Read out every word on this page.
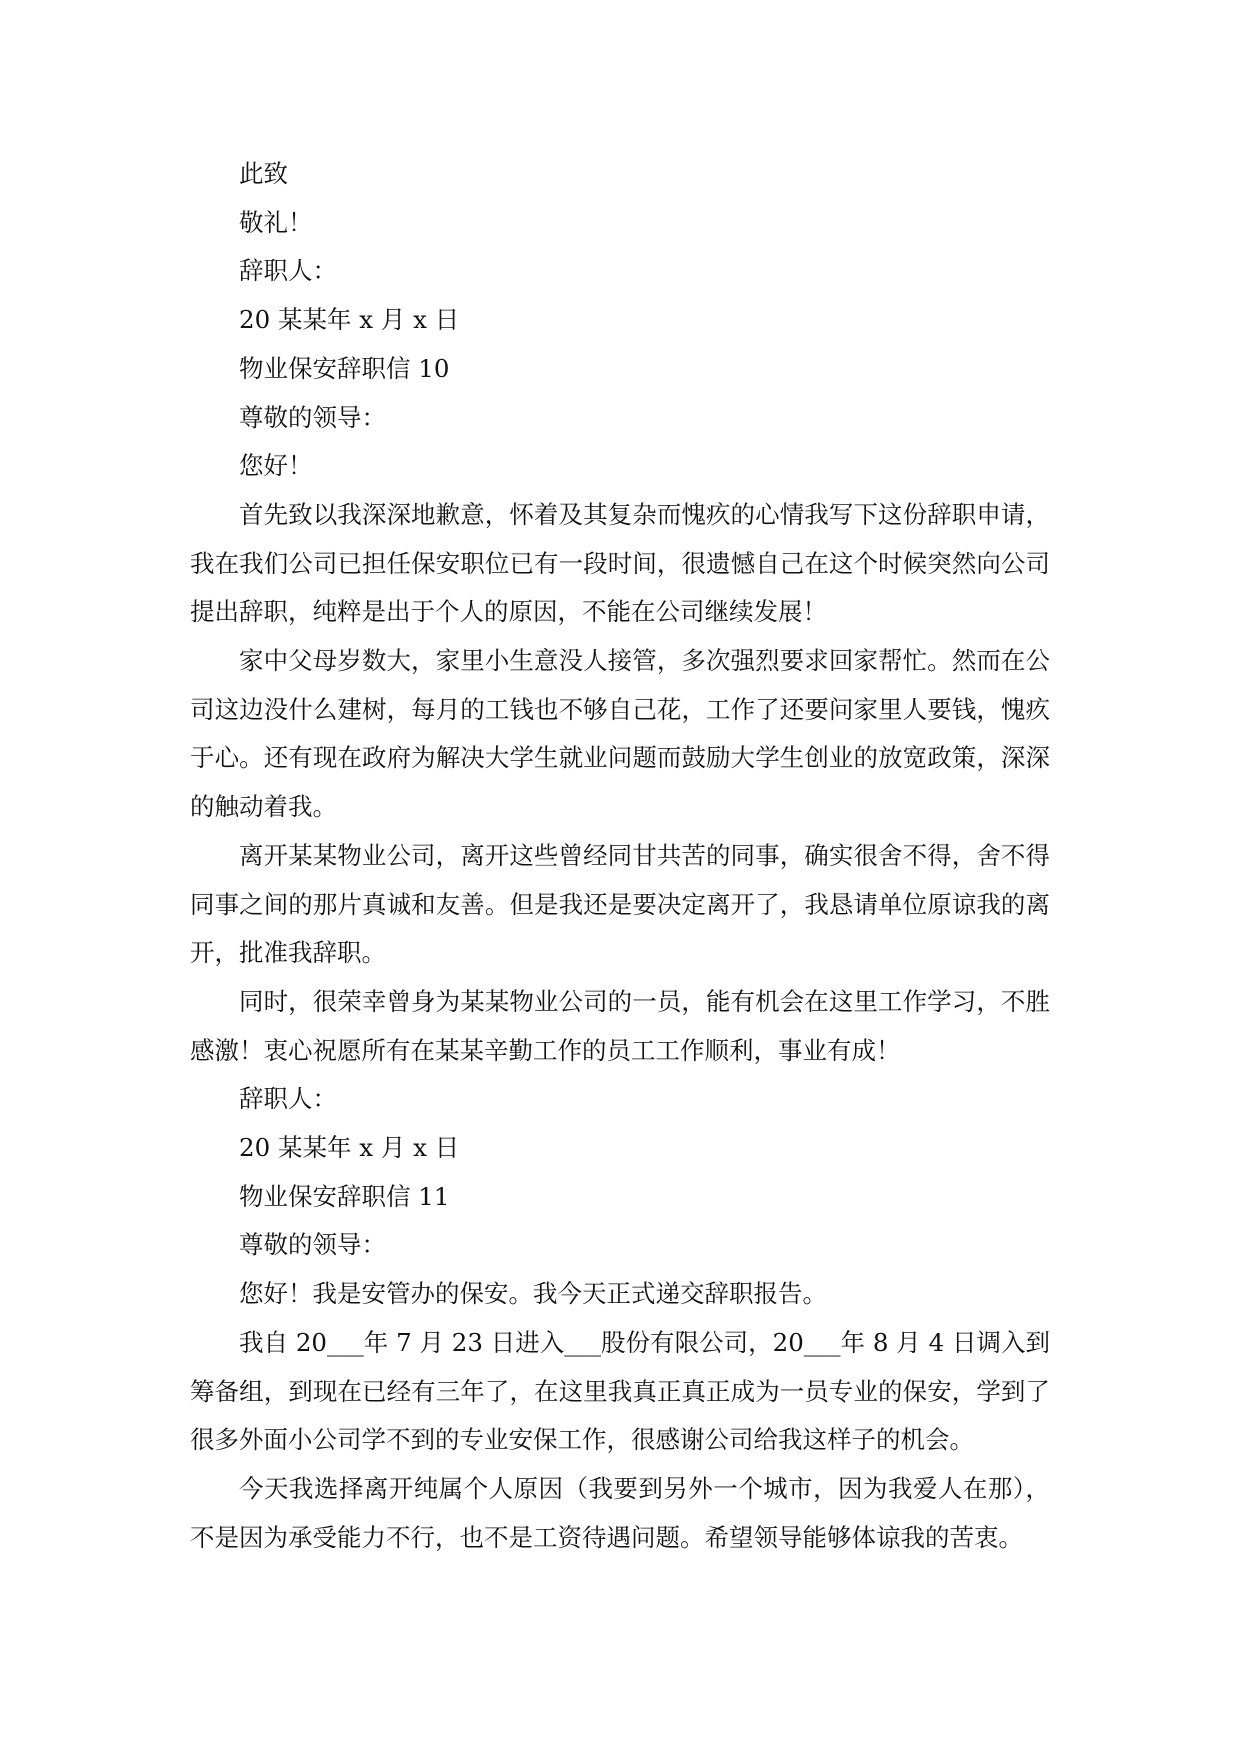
此致

敬礼！

辞职人：

20 某某年 x 月 x 日

物业保安辞职信 10

尊敬的领导：

您好！

首先致以我深深地歉意，怀着及其复杂而愧疚的心情我写下这份辞职申请，我在我们公司已担任保安职位已有一段时间，很遗憾自己在这个时候突然向公司提出辞职，纯粹是出于个人的原因，不能在公司继续发展！

家中父母岁数大，家里小生意没人接管，多次强烈要求回家帮忙。然而在公司这边没什么建树，每月的工钱也不够自己花，工作了还要问家里人要钱，愧疚于心。还有现在政府为解决大学生就业问题而鼓励大学生创业的放宽政策，深深的触动着我。

离开某某物业公司，离开这些曾经同甘共苦的同事，确实很舍不得，舍不得同事之间的那片真诚和友善。但是我还是要决定离开了，我恳请单位原谅我的离开，批准我辞职。

同时，很荣幸曾身为某某物业公司的一员，能有机会在这里工作学习，不胜感激！衷心祝愿所有在某某辛勤工作的员工工作顺利，事业有成！

辞职人：

20 某某年 x 月 x 日

物业保安辞职信 11

尊敬的领导：

您好！我是安管办的保安。我今天正式递交辞职报告。

我自 20___年 7 月 23 日进入___股份有限公司，20___年 8 月 4 日调入到筹备组，到现在已经有三年了，在这里我真正真正成为一员专业的保安，学到了很多外面小公司学不到的专业安保工作，很感谢公司给我这样子的机会。

今天我选择离开纯属个人原因（我要到另外一个城市，因为我爱人在那），不是因为承受能力不行，也不是工资待遇问题。希望领导能够体谅我的苦衷。
